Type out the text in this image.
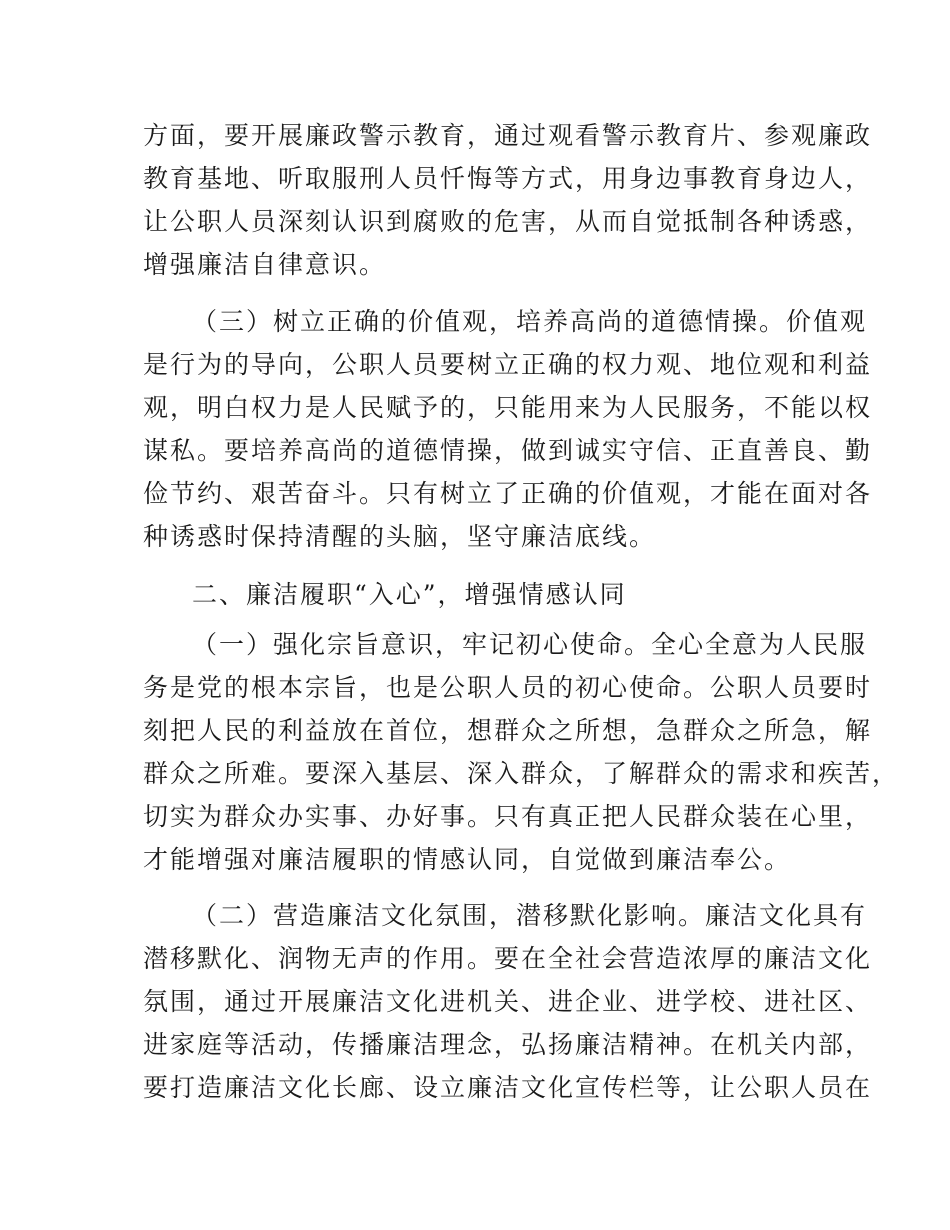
方面，要开展廉政警示教育，通过观看警示教育片、参观廉政
教育基地、听取服刑人员忏悔等方式，用身边事教育身边人，
让公职人员深刻认识到腐败的危害，从而自觉抵制各种诱惑，
增强廉洁自律意识。
（三）树立正确的价值观，培养高尚的道德情操。价值观
是行为的导向，公职人员要树立正确的权力观、地位观和利益
观，明白权力是人民赋予的，只能用来为人民服务，不能以权
谋私。要培养高尚的道德情操，做到诚实守信、正直善良、勤
俭节约、艰苦奋斗。只有树立了正确的价值观，才能在面对各
种诱惑时保持清醒的头脑，坚守廉洁底线。
二、廉洁履职“入心”，增强情感认同
（一）强化宗旨意识，牢记初心使命。全心全意为人民服
务是党的根本宗旨，也是公职人员的初心使命。公职人员要时
刻把人民的利益放在首位，想群众之所想，急群众之所急，解
群众之所难。要深入基层、深入群众，了解群众的需求和疾苦，
切实为群众办实事、办好事。只有真正把人民群众装在心里，
才能增强对廉洁履职的情感认同，自觉做到廉洁奉公。
（二）营造廉洁文化氛围，潜移默化影响。廉洁文化具有
潜移默化、润物无声的作用。要在全社会营造浓厚的廉洁文化
氛围，通过开展廉洁文化进机关、进企业、进学校、进社区、
进家庭等活动，传播廉洁理念，弘扬廉洁精神。在机关内部，
要打造廉洁文化长廊、设立廉洁文化宣传栏等，让公职人员在
